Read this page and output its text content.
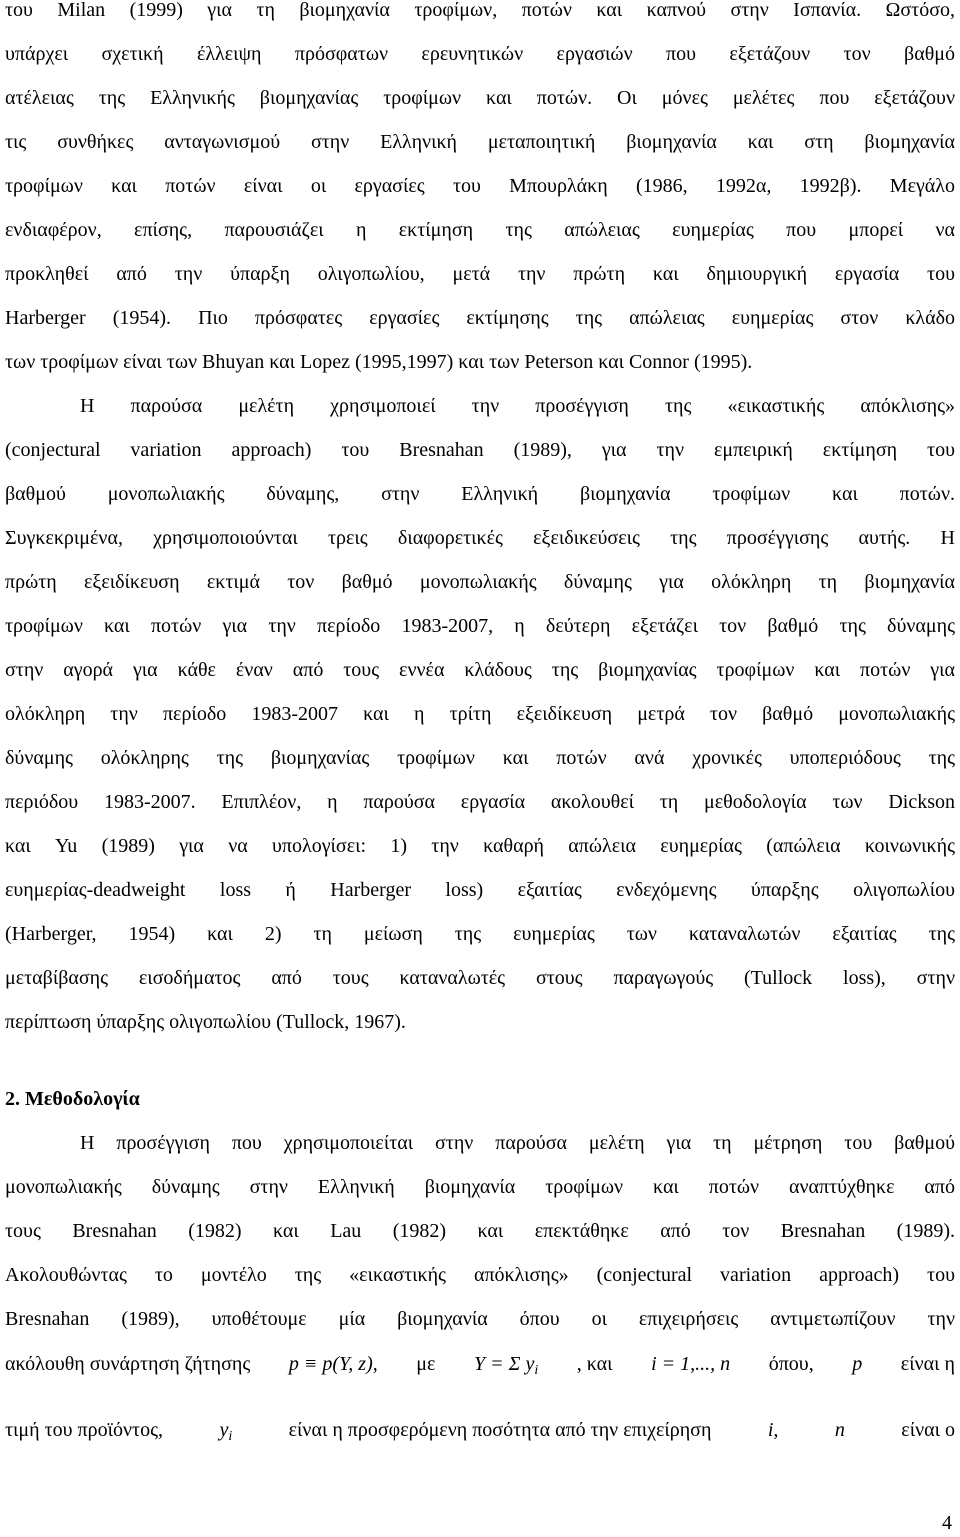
του Milan (1999) για τη βιομηχανία τροφίμων, ποτών και καπνού στην Ισπανία. Ωστόσο,
υπάρχει σχετική έλλειψη πρόσφατων ερευνητικών εργασιών που εξετάζουν τον βαθμό
ατέλειας της Ελληνικής βιομηχανίας τροφίμων και ποτών. Οι μόνες μελέτες που εξετάζουν
τις συνθήκες ανταγωνισμού στην Ελληνική μεταποιητική βιομηχανία και στη βιομηχανία
τροφίμων και ποτών είναι οι εργασίες του Μπουρλάκη (1986, 1992α, 1992β). Μεγάλο
ενδιαφέρον, επίσης, παρουσιάζει η εκτίμηση της απώλειας ευημερίας που μπορεί να
προκληθεί από την ύπαρξη ολιγοπωλίου, μετά την πρώτη και δημιουργική εργασία του
Harberger (1954). Πιο πρόσφατες εργασίες εκτίμησης της απώλειας ευημερίας στον κλάδο
των τροφίμων είναι των Bhuyan και Lopez (1995,1997) και των Peterson και Connor (1995).
Η παρούσα μελέτη χρησιμοποιεί την προσέγγιση της «εικαστικής απόκλισης»
(conjectural variation approach) του Bresnahan (1989), για την εμπειρική εκτίμηση του
βαθμού μονοπωλιακής δύναμης, στην Ελληνική βιομηχανία τροφίμων και ποτών.
Συγκεκριμένα, χρησιμοποιούνται τρεις διαφορετικές εξειδικεύσεις της προσέγγισης αυτής. Η
πρώτη εξειδίκευση εκτιμά τον βαθμό μονοπωλιακής δύναμης για ολόκληρη τη βιομηχανία
τροφίμων και ποτών για την περίοδο 1983-2007, η δεύτερη εξετάζει τον βαθμό της δύναμης
στην αγορά για κάθε έναν από τους εννέα κλάδους της βιομηχανίας τροφίμων και ποτών για
ολόκληρη την περίοδο 1983-2007 και η τρίτη εξειδίκευση μετρά τον βαθμό μονοπωλιακής
δύναμης ολόκληρης της βιομηχανίας τροφίμων και ποτών ανά χρονικές υποπεριόδους της
περιόδου 1983-2007. Επιπλέον, η παρούσα εργασία ακολουθεί τη μεθοδολογία των Dickson
και Yu (1989) για να υπολογίσει: 1) την καθαρή απώλεια ευημερίας (απώλεια κοινωνικής
ευημερίας-deadweight loss ή Harberger loss) εξαιτίας ενδεχόμενης ύπαρξης ολιγοπωλίου
(Harberger, 1954) και 2) τη μείωση της ευημερίας των καταναλωτών εξαιτίας της
μεταβίβασης εισοδήματος από τους καταναλωτές στους παραγωγούς (Tullock loss), στην
περίπτωση ύπαρξης ολιγοπωλίου (Tullock, 1967).
2. Μεθοδολογία
Η προσέγγιση που χρησιμοποιείται στην παρούσα μελέτη για τη μέτρηση του βαθμού
μονοπωλιακής δύναμης στην Ελληνική βιομηχανία τροφίμων και ποτών αναπτύχθηκε από
τους Bresnahan (1982) και Lau (1982) και επεκτάθηκε από τον Bresnahan (1989).
Ακολουθώντας το μοντέλο της «εικαστικής απόκλισης» (conjectural variation approach) του
Bresnahan (1989), υποθέτουμε μία βιομηχανία όπου οι επιχειρήσεις αντιμετωπίζουν την
ακόλουθη συνάρτηση ζήτησης p ≡ p(Y, z), με Y = Σ $y_i$ , και i = 1,..., n όπου, p είναι η
τιμή του προϊόντος,	$y_i$	είναι η προσφερόμενη ποσότητα από την επιχείρηση	i,	n	είναι ο
4
